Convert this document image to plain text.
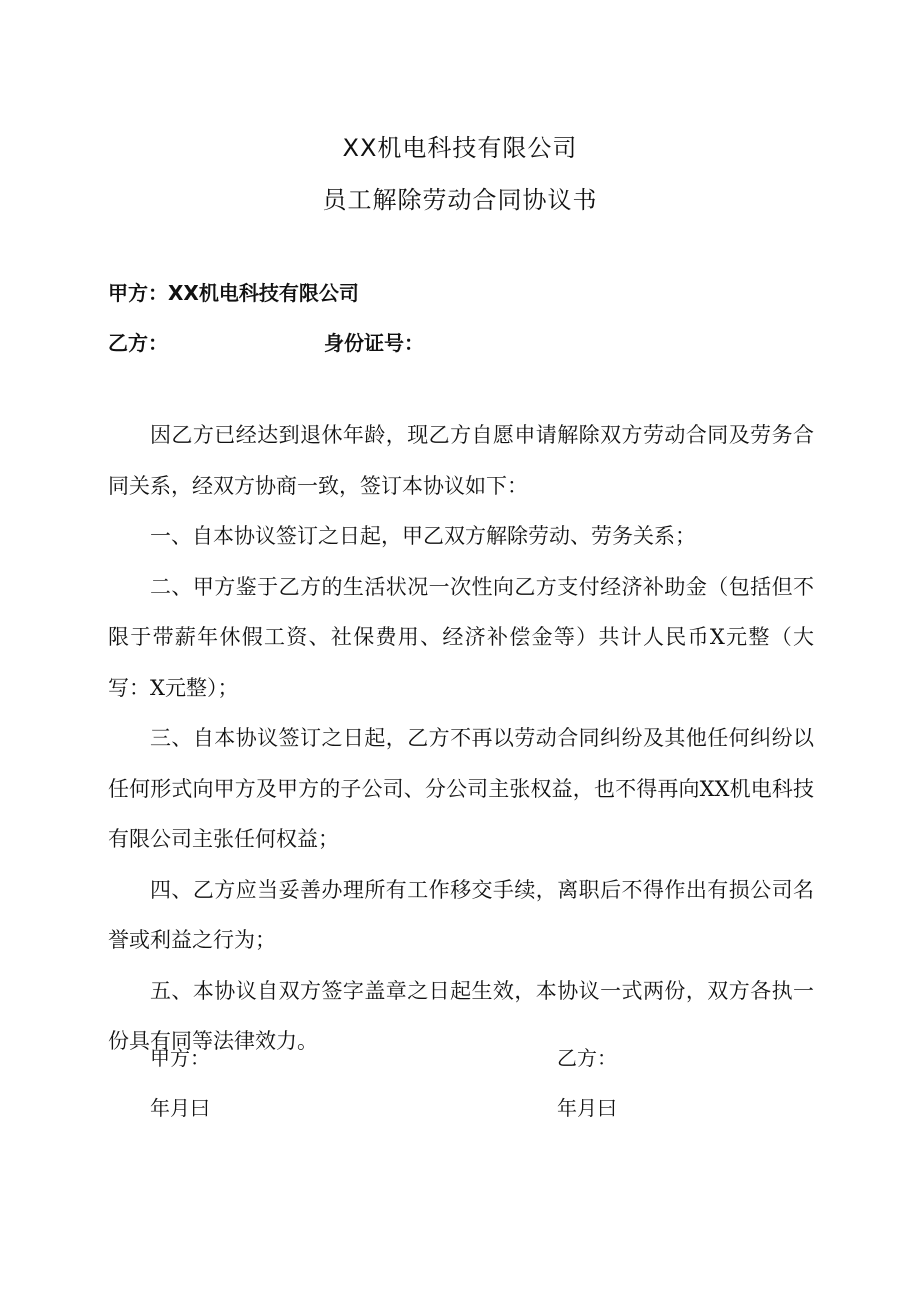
XX机电科技有限公司
员工解除劳动合同协议书
甲方：XX机电科技有限公司
乙方：	身份证号：

因乙方已经达到退休年龄，现乙方自愿申请解除双方劳动合同及劳务合同关系，经双方协商一致，签订本协议如下：

一、自本协议签订之日起，甲乙双方解除劳动、劳务关系；

二、甲方鉴于乙方的生活状况一次性向乙方支付经济补助金（包括但不限于带薪年休假工资、社保费用、经济补偿金等）共计人民币X元整（大写：X元整）；

三、自本协议签订之日起，乙方不再以劳动合同纠纷及其他任何纠纷以任何形式向甲方及甲方的子公司、分公司主张权益，也不得再向XX机电科技有限公司主张任何权益；

四、乙方应当妥善办理所有工作移交手续，离职后不得作出有损公司名誉或利益之行为；

五、本协议自双方签字盖章之日起生效，本协议一式两份，双方各执一份具有同等法律效力。

甲方：	乙方：
年月曰	年月曰
